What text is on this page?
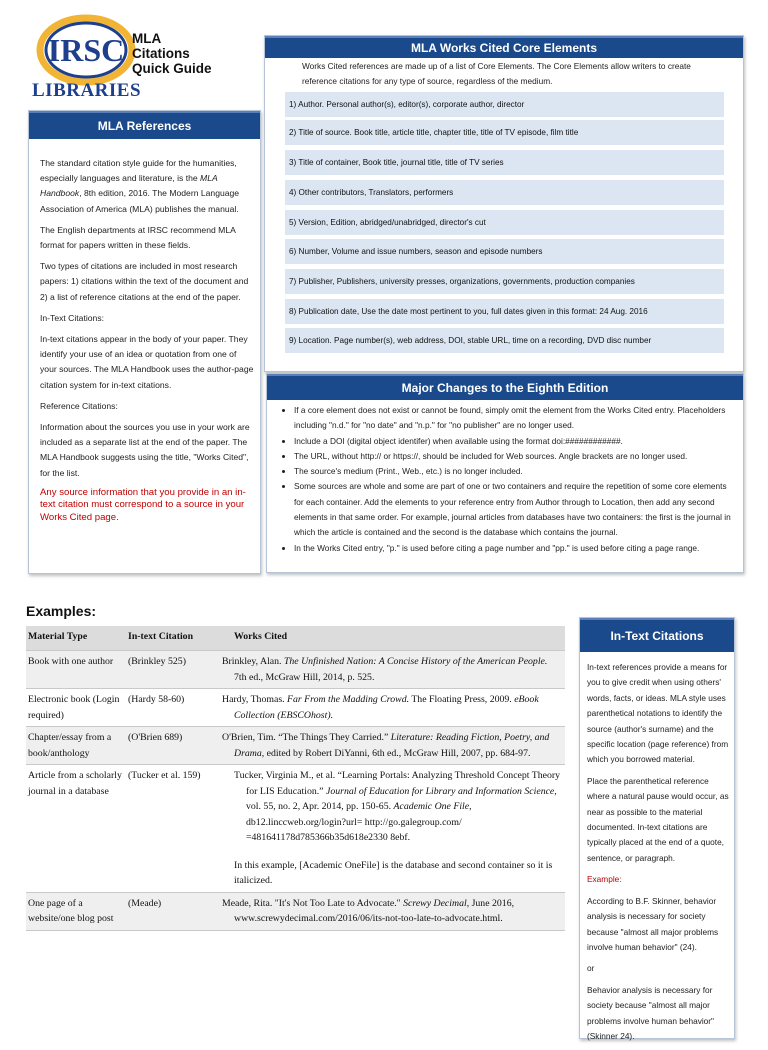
IRSC MLA
Citations
Quick Guide
LIBRARIES
MLA References

The standard citation style guide for the humanities, especially languages and literature, is the MLA Handbook, 8th edition, 2016. The Modern Language Association of America (MLA) publishes the manual.

The English departments at IRSC recommend MLA format for papers written in these fields.

Two types of citations are included in most research papers: 1) citations within the text of the document and 2) a list of reference citations at the end of the paper.

In-Text Citations:

In-text citations appear in the body of your paper. They identify your use of an idea or quotation from one of your sources. The MLA Handbook uses the author-page citation system for in-text citations.

Reference Citations:

Information about the sources you use in your work are included as a separate list at the end of the paper. The MLA Handbook suggests using the title, "Works Cited", for the list.

Any source information that you provide in an in-text citation must correspond to a source in your Works Cited page.

MLA Works Cited Core Elements
Works Cited references are made up of a list of Core Elements. The Core Elements allow writers to create reference citations for any type of source, regardless of the medium.
1) Author. Personal author(s), editor(s), corporate author, director
2) Title of source. Book title, article title, chapter title, title of TV episode, film title
3) Title of container, Book title, journal title, title of TV series
4) Other contributors, Translators, performers
5) Version, Edition, abridged/unabridged, director's cut
6) Number, Volume and issue numbers, season and episode numbers
7) Publisher, Publishers, university presses, organizations, governments, production companies
8) Publication date, Use the date most pertinent to you, full dates given in this format: 24 Aug. 2016
9) Location. Page number(s), web address, DOI, stable URL, time on a recording, DVD disc number
Major Changes to the Eighth Edition
• If a core element does not exist or cannot be found, simply omit the element from the Works Cited entry. Placeholders including "n.d." for "no date" and "n.p." for "no publisher" are no longer used.
• Include a DOI (digital object identifer) when available using the format doi:############.
• The URL, without http:// or https://, should be included for Web sources. Angle brackets are no longer used.
• The source's medium (Print., Web., etc.) is no longer included.
• Some sources are whole and some are part of one or two containers and require the repetition of some core elements for each container. Add the elements to your reference entry from Author through to Location, then add any second elements in that same order. For example, journal articles from databases have two containers: the first is the journal in which the article is contained and the second is the database which contains the journal.
• In the Works Cited entry, "p." is used before citing a page number and "pp." is used before citing a page range.
Examples:
Material Type	In-text Citation	Works Cited
Book with one author	(Brinkley 525)	Brinkley, Alan. The Unfinished Nation: A Concise History of the American People. 7th ed., McGraw Hill, 2014, p. 525.
Electronic book (Login required)	(Hardy 58-60)	Hardy, Thomas. Far From the Madding Crowd. The Floating Press, 2009. eBook Collection (EBSCOhost).
Chapter/essay from a book/anthology	(O'Brien 689)	O'Brien, Tim. “The Things They Carried.” Literature: Reading Fiction, Poetry, and Drama, edited by Robert DiYanni, 6th ed., McGraw Hill, 2007, pp. 684-97.
Article from a scholarly journal in a database	(Tucker et al. 159)	Tucker, Virginia M., et al. “Learning Portals: Analyzing Threshold Concept Theory for LIS Education.” Journal of Education for Library and Information Science, vol. 55, no. 2, Apr. 2014, pp. 150-65. Academic One File, db12.linccweb.org/login?url= http://go.galegroup.com/ =481641178d785366b35d618e2330 8ebf.
In this example, [Academic OneFile] is the database and second container so it is italicized.

One page of a website/one blog post	(Meade)	Meade, Rita. "It's Not Too Late to Advocate." Screwy Decimal, June 2016, www.screwydecimal.com/2016/06/its-not-too-late-to-advocate.html.
In-Text Citations

In-text references provide a means for you to give credit when using others' words, facts, or ideas. MLA style uses parenthetical notations to identify the source (author's surname) and the specific location (page reference) from which you borrowed material.

Place the parenthetical reference where a natural pause would occur, as near as possible to the material documented. In-text citations are typically placed at the end of a quote, sentence, or paragraph.

Example:

According to B.F. Skinner, behavior analysis is necessary for society because "almost all major problems involve human behavior" (24).

or

Behavior analysis is necessary for society because "almost all major problems involve human behavior" (Skinner 24).
